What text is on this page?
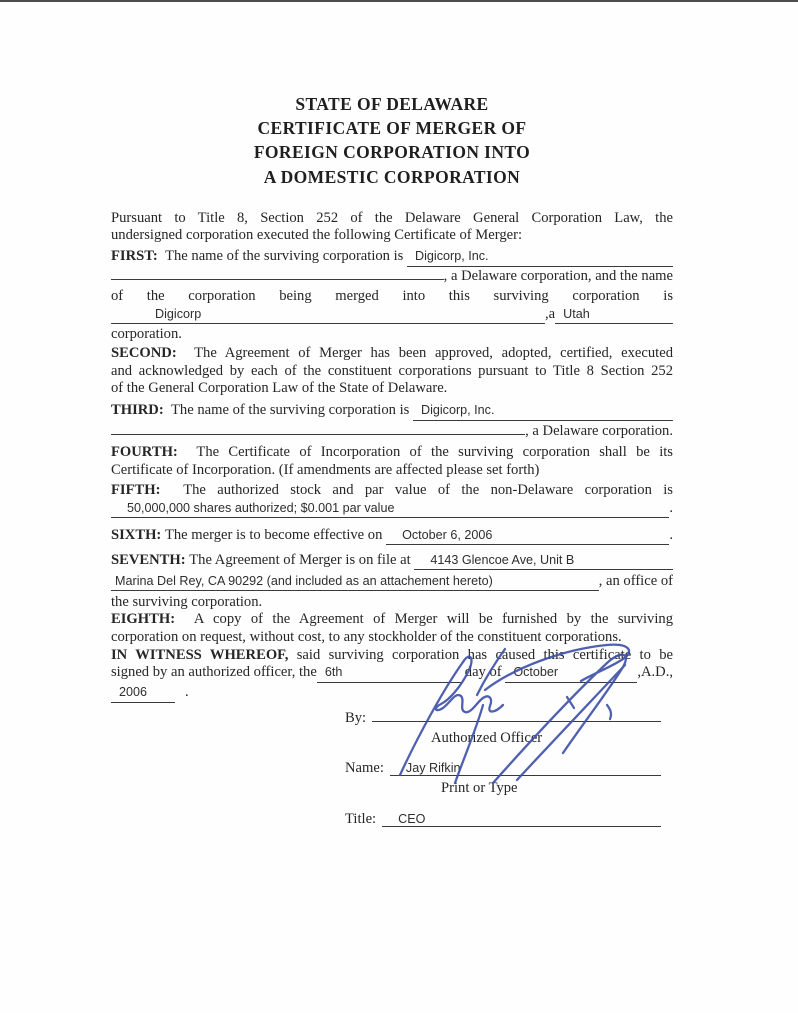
STATE OF DELAWARE
CERTIFICATE OF MERGER OF
FOREIGN CORPORATION INTO
A DOMESTIC CORPORATION
Pursuant to Title 8, Section 252 of the Delaware General Corporation Law, the
undersigned corporation executed the following Certificate of Merger:
FIRST: The name of the surviving corporation is Digicorp, Inc.
, a Delaware corporation, and the name
of the corporation being merged into this surviving corporation is
Digicorp	,a Utah
corporation.
SECOND: The Agreement of Merger has been approved, adopted, certified, executed
and acknowledged by each of the constituent corporations pursuant to Title 8 Section 252
of the General Corporation Law of the State of Delaware.
THIRD: The name of the surviving corporation is Digicorp, Inc.
, a Delaware corporation.
FOURTH: The Certificate of Incorporation of the surviving corporation shall be its
Certificate of Incorporation. (If amendments are affected please set forth)
FIFTH: The authorized stock and par value of the non-Delaware corporation is
50,000,000 shares authorized; $0.001 par value	.
SIXTH: The merger is to become effective on	October 6, 2006	.
SEVENTH: The Agreement of Merger is on file at	4143 Glencoe Ave, Unit B
Marina Del Rey, CA 90292 (and included as an attachement hereto)	, an office of
the surviving corporation.
EIGHTH: A copy of the Agreement of Merger will be furnished by the surviving
corporation on request, without cost, to any stockholder of the constituent corporations.
IN WITNESS WHEREOF, said surviving corporation has caused this certificate to be
signed by an authorized officer, the 6th	day of October	,A.D.,
2006	.
By:
Authorized Officer
Name:	Jay Rifkin
Print or Type
Title:	CEO
